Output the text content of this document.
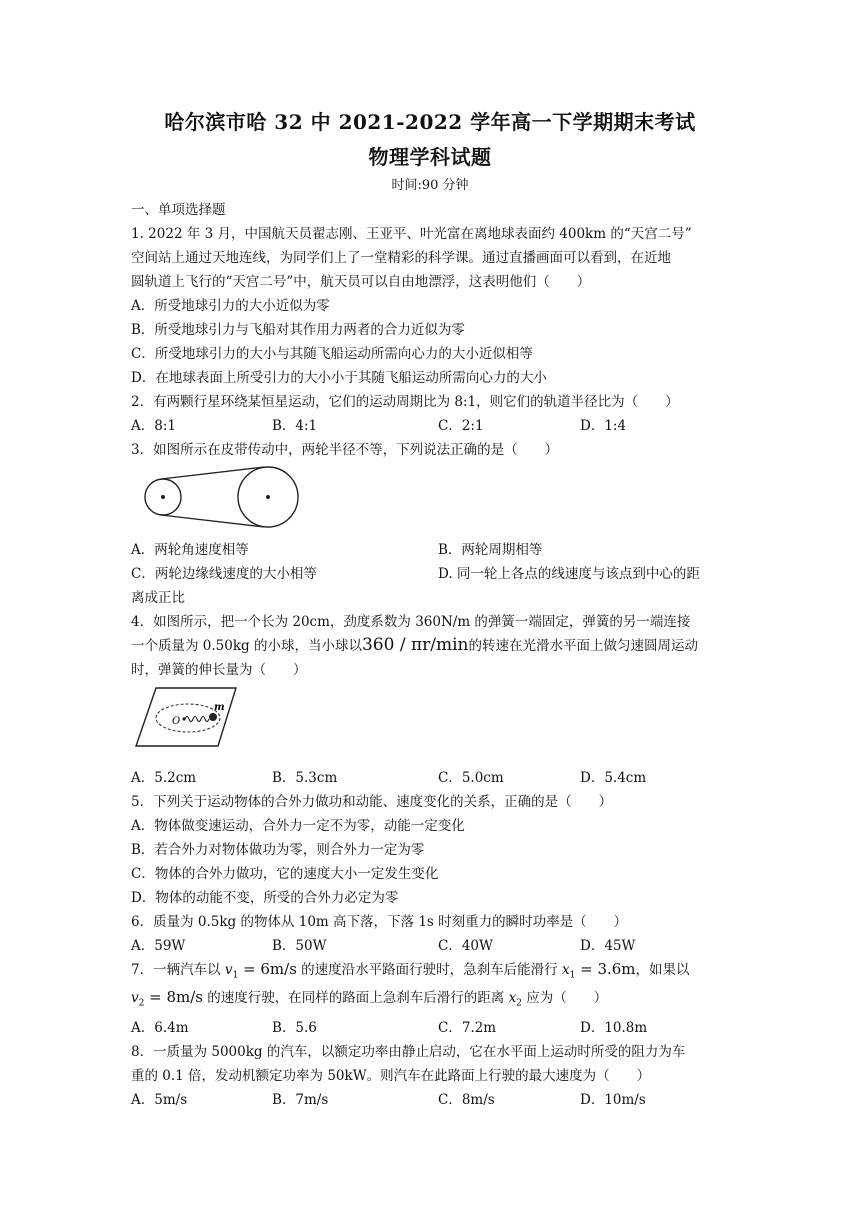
哈尔滨市哈 32 中 2021-2022 学年高一下学期期末考试
物理学科试题
时间:90 分钟
一、单项选择题
1. 2022 年 3 月，中国航天员翟志刚、王亚平、叶光富在离地球表面约 400km 的“天宫二号”
空间站上通过天地连线，为同学们上了一堂精彩的科学课。通过直播画面可以看到，在近地
圆轨道上飞行的“天宫二号”中，航天员可以自由地漂浮，这表明他们（　　）
A．所受地球引力的大小近似为零
B．所受地球引力与飞船对其作用力两者的合力近似为零
C．所受地球引力的大小与其随飞船运动所需向心力的大小近似相等
D．在地球表面上所受引力的大小小于其随飞船运动所需向心力的大小
2．有两颗行星环绕某恒星运动，它们的运动周期比为 8:1，则它们的轨道半径比为（　　）
A．8:1	B．4:1	C．2:1	D．1:4
3．如图所示在皮带传动中，两轮半径不等，下列说法正确的是（　　）
A．两轮角速度相等	B．两轮周期相等
C．两轮边缘线速度的大小相等	D. 同一轮上各点的线速度与该点到中心的距
离成正比
4．如图所示，把一个长为 20cm，劲度系数为 360N/m 的弹簧一端固定，弹簧的另一端连接
一个质量为 0.50kg 的小球，当小球以360 / πr/min的转速在光滑水平面上做匀速圆周运动
时，弹簧的伸长量为（　　）
O
m
A．5.2cm	B．5.3cm	C．5.0cm	D．5.4cm
5．下列关于运动物体的合外力做功和动能、速度变化的关系，正确的是（　　）
A．物体做变速运动，合外力一定不为零，动能一定变化
B．若合外力对物体做功为零，则合外力一定为零
C．物体的合外力做功，它的速度大小一定发生变化
D．物体的动能不变，所受的合外力必定为零
6．质量为 0.5kg 的物体从 10m 高下落，下落 1s 时刻重力的瞬时功率是（　　）
A．59W	B．50W	C．40W	D．45W
7．一辆汽车以 $v_1 = 6m/s$ 的速度沿水平路面行驶时，急刹车后能滑行 $x_1 = 3.6m$，如果以
$v_2 = 8m/s$ 的速度行驶，在同样的路面上急刹车后滑行的距离 $x_2$ 应为（　　）
A．6.4m	B．5.6	C．7.2m	D．10.8m
8．一质量为 5000kg 的汽车，以额定功率由静止启动，它在水平面上运动时所受的阻力为车
重的 0.1 倍，发动机额定功率为 50kW。则汽车在此路面上行驶的最大速度为（　　）
A．5m/s	B．7m/s	C．8m/s	D．10m/s
